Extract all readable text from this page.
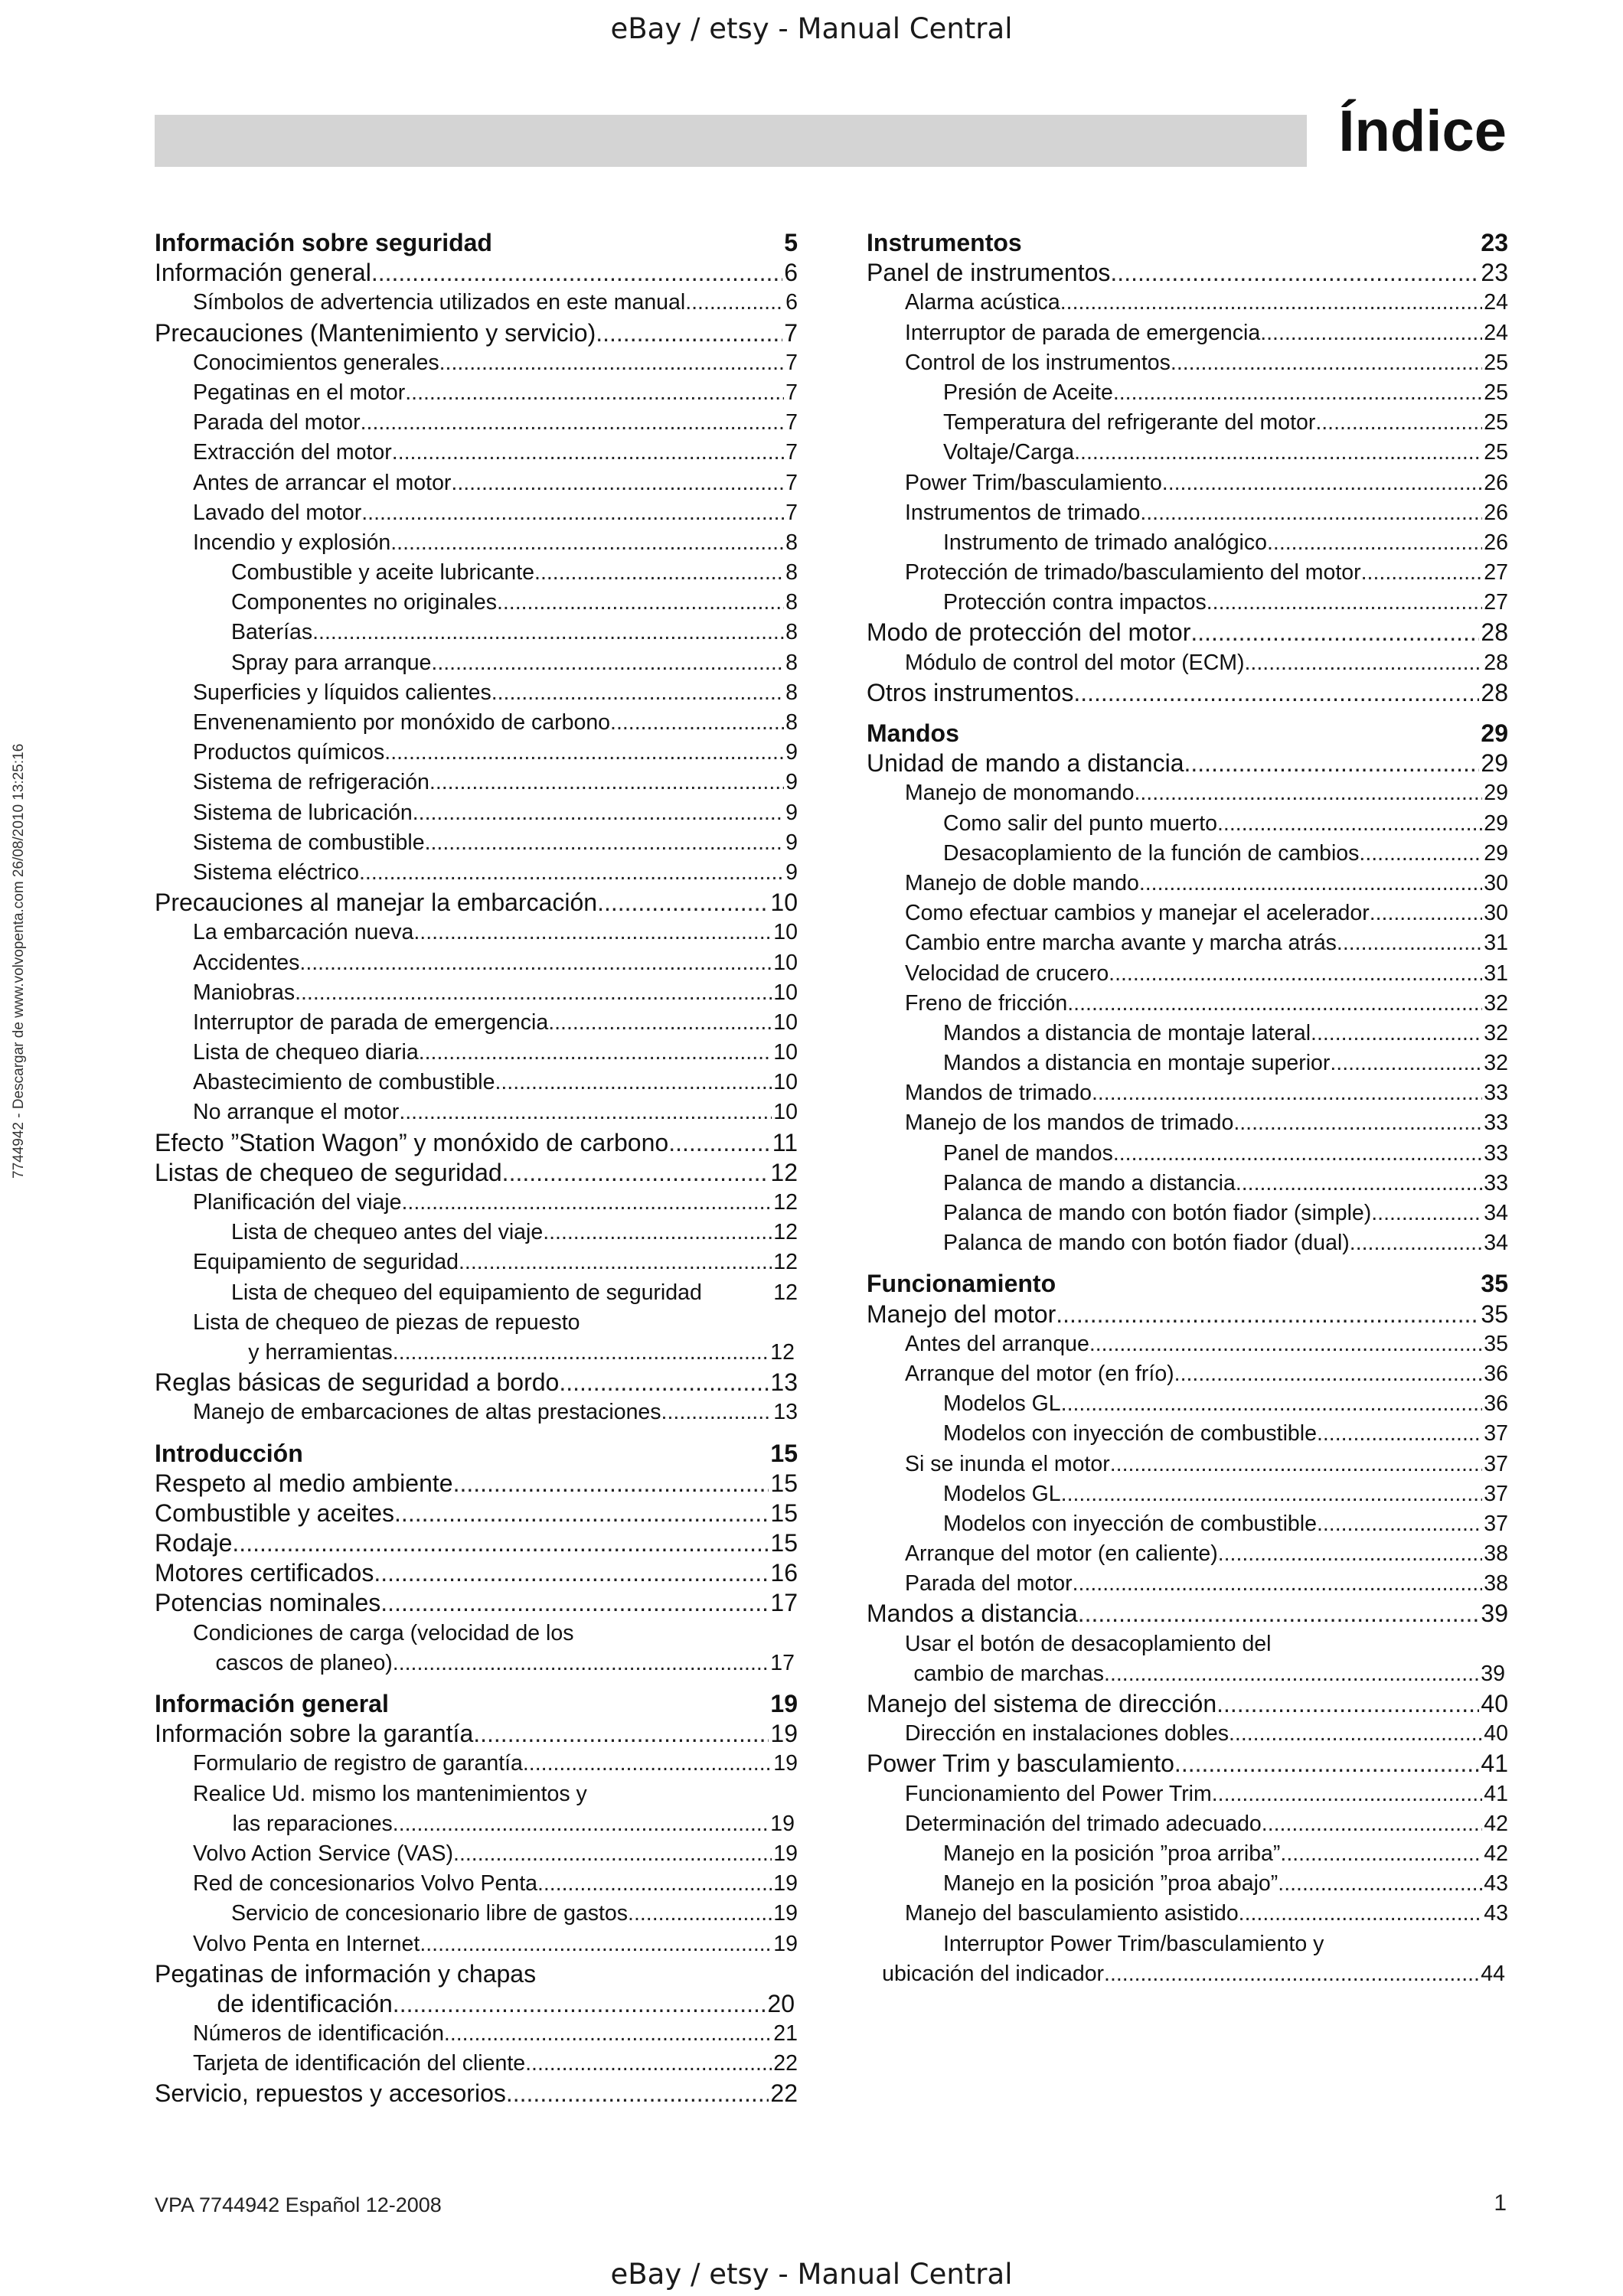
eBay / etsy - Manual Central
Índice
7744942 - Descargar de www.volvopenta.com 26/08/2010 13:25:16
Información sobre seguridad	5
Información general .....	6
Símbolos de advertencia utilizados en este manual .....	6
Precauciones (Mantenimiento y servicio) .....	7
Conocimientos generales .....	7
Pegatinas en el motor .....	7
Parada del motor .....	7
Extracción del motor .....	7
Antes de arrancar el motor .....	7
Lavado del motor .....	7
Incendio y explosión .....	8
Combustible y aceite lubricante .....	8
Componentes no originales .....	8
Baterías .....	8
Spray para arranque .....	8
Superficies y líquidos calientes .....	8
Envenenamiento por monóxido de carbono .....	8
Productos químicos .....	9
Sistema de refrigeración .....	9
Sistema de lubricación .....	9
Sistema de combustible .....	9
Sistema eléctrico .....	9
Precauciones al manejar la embarcación .....	10
La embarcación nueva .....	10
Accidentes .....	10
Maniobras .....	10
Interruptor de parada de emergencia .....	10
Lista de chequeo diaria .....	10
Abastecimiento de combustible .....	10
No arranque el motor .....	10
Efecto ”Station Wagon” y monóxido de carbono .....	11
Listas de chequeo de seguridad .....	12
Planificación del viaje .....	12
Lista de chequeo antes del viaje .....	12
Equipamiento de seguridad .....	12
Lista de chequeo del equipamiento de seguridad	12
Lista de chequeo de piezas de repuesto
y herramientas .....	12
Reglas básicas de seguridad a bordo .....	13
Manejo de embarcaciones de altas prestaciones .....	13
Introducción	15
Respeto al medio ambiente .....	15
Combustible y aceites .....	15
Rodaje .....	15
Motores certificados .....	16
Potencias nominales .....	17
Condiciones de carga (velocidad de los
cascos de planeo) .....	17
Información general	19
Información sobre la garantía .....	19
Formulario de registro de garantía .....	19
Realice Ud. mismo los mantenimientos y
las reparaciones .....	19
Volvo Action Service (VAS) .....	19
Red de concesionarios Volvo Penta .....	19
Servicio de concesionario libre de gastos .....	19
Volvo Penta en Internet .....	19
Pegatinas de información y chapas
de identificación .....	20
Números de identificación .....	21
Tarjeta de identificación del cliente .....	22
Servicio, repuestos y accesorios .....	22
Instrumentos	23
Panel de instrumentos .....	23
Alarma acústica .....	24
Interruptor de parada de emergencia .....	24
Control de los instrumentos .....	25
Presión de Aceite .....	25
Temperatura del refrigerante del motor .....	25
Voltaje/Carga .....	25
Power Trim/basculamiento .....	26
Instrumentos de trimado .....	26
Instrumento de trimado analógico .....	26
Protección de trimado/basculamiento del motor .....	27
Protección contra impactos .....	27
Modo de protección del motor .....	28
Módulo de control del motor (ECM) .....	28
Otros instrumentos .....	28
Mandos	29
Unidad de mando a distancia .....	29
Manejo de monomando .....	29
Como salir del punto muerto .....	29
Desacoplamiento de la función de cambios .....	29
Manejo de doble mando .....	30
Como efectuar cambios y manejar el acelerador .....	30
Cambio entre marcha avante y marcha atrás .....	31
Velocidad de crucero .....	31
Freno de fricción .....	32
Mandos a distancia de montaje lateral .....	32
Mandos a distancia en montaje superior .....	32
Mandos de trimado .....	33
Manejo de los mandos de trimado .....	33
Panel de mandos .....	33
Palanca de mando a distancia .....	33
Palanca de mando con botón fiador (simple) .....	34
Palanca de mando con botón fiador (dual) .....	34
Funcionamiento	35
Manejo del motor .....	35
Antes del arranque .....	35
Arranque del motor (en frío) .....	36
Modelos GL .....	36
Modelos con inyección de combustible .....	37
Si se inunda el motor .....	37
Modelos GL .....	37
Modelos con inyección de combustible .....	37
Arranque del motor (en caliente) .....	38
Parada del motor .....	38
Mandos a distancia .....	39
Usar el botón de desacoplamiento del
cambio de marchas .....	39
Manejo del sistema de dirección .....	40
Dirección en instalaciones dobles .....	40
Power Trim y basculamiento .....	41
Funcionamiento del Power Trim .....	41
Determinación del trimado adecuado .....	42
Manejo en la posición ”proa arriba” .....	42
Manejo en la posición ”proa abajo” .....	43
Manejo del basculamiento asistido .....	43
Interruptor Power Trim/basculamiento y
ubicación del indicador .....	44
VPA 7744942 Español 12-2008	1
eBay / etsy - Manual Central
